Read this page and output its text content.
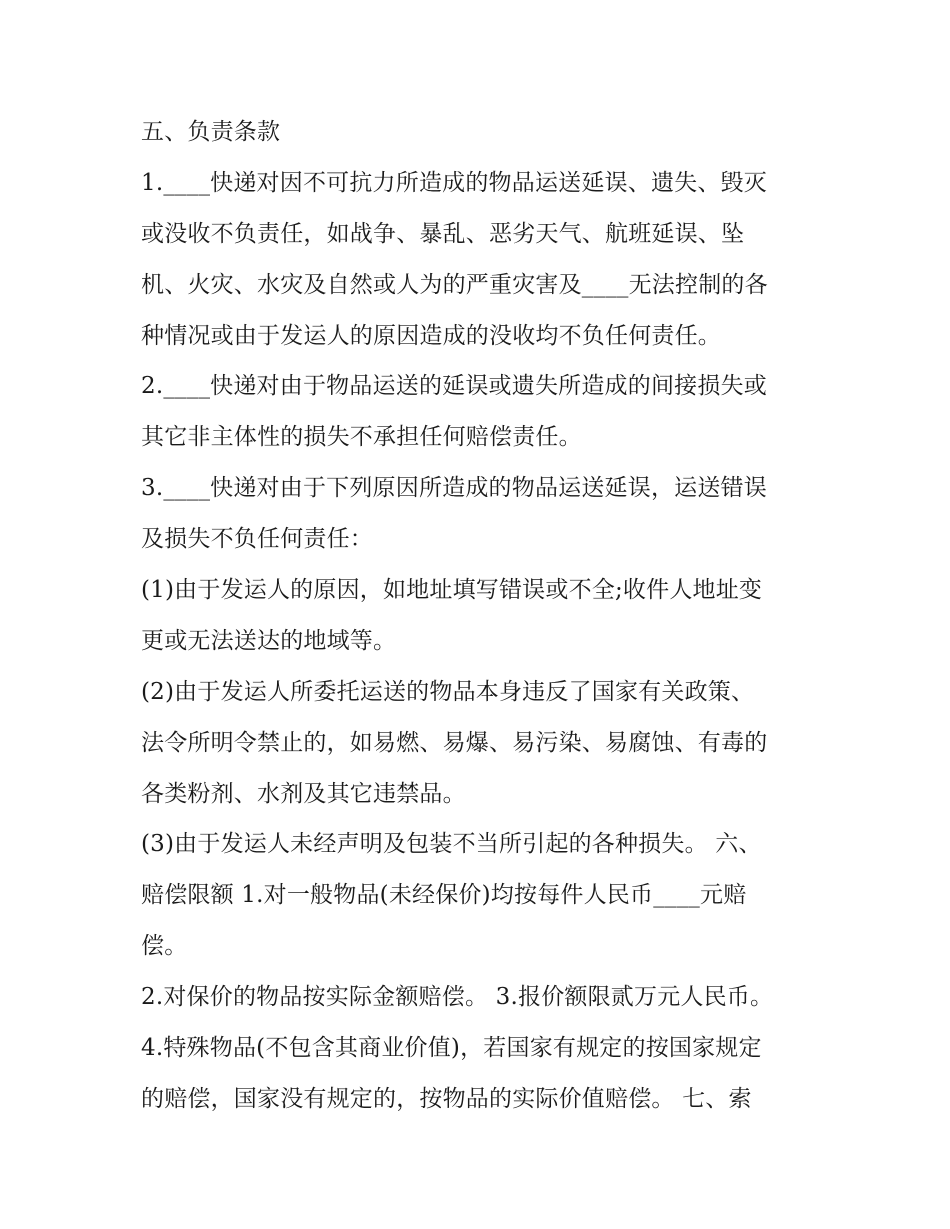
五、负责条款
1.____快递对因不可抗力所造成的物品运送延误、遗失、毁灭
或没收不负责任，如战争、暴乱、恶劣天气、航班延误、坠
机、火灾、水灾及自然或人为的严重灾害及____无法控制的各
种情况或由于发运人的原因造成的没收均不负任何责任。
2.____快递对由于物品运送的延误或遗失所造成的间接损失或
其它非主体性的损失不承担任何赔偿责任。
3.____快递对由于下列原因所造成的物品运送延误，运送错误
及损失不负任何责任：
(1)由于发运人的原因，如地址填写错误或不全;收件人地址变
更或无法送达的地域等。
(2)由于发运人所委托运送的物品本身违反了国家有关政策、
法令所明令禁止的，如易燃、易爆、易污染、易腐蚀、有毒的
各类粉剂、水剂及其它违禁品。
(3)由于发运人未经声明及包装不当所引起的各种损失。 六、
赔偿限额 1.对一般物品(未经保价)均按每件人民币____元赔
偿。
2.对保价的物品按实际金额赔偿。 3.报价额限贰万元人民币。
4.特殊物品(不包含其商业价值)，若国家有规定的按国家规定
的赔偿，国家没有规定的，按物品的实际价值赔偿。 七、索
